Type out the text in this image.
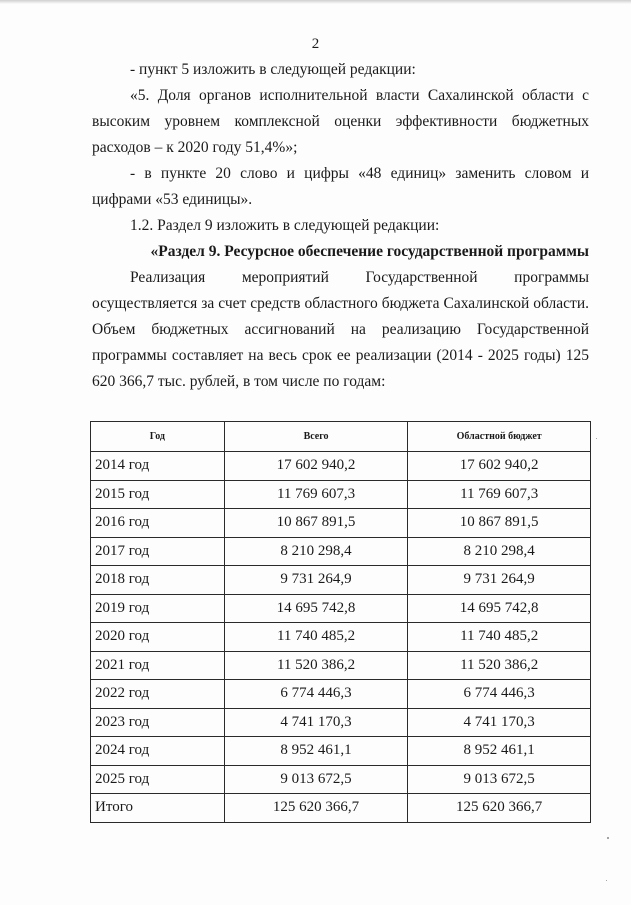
2

- пункт 5 изложить в следующей редакции:

«5. Доля органов исполнительной власти Сахалинской области с высоким уровнем комплексной оценки эффективности бюджетных расходов – к 2020 году 51,4%»;

- в пункте 20 слово и цифры «48 единиц» заменить словом и цифрами «53 единицы».

1.2. Раздел 9 изложить в следующей редакции:

«Раздел 9. Ресурсное обеспечение государственной программы

Реализация мероприятий Государственной программы осуществляется за счет средств областного бюджета Сахалинской области. Объем бюджетных ассигнований на реализацию Государственной программы составляет на весь срок ее реализации (2014 - 2025 годы) 125 620 366,7 тыс. рублей, в том числе по годам:

Год	Всего	Областной бюджет
2014 год	17 602 940,2	17 602 940,2
2015 год	11 769 607,3	11 769 607,3
2016 год	10 867 891,5	10 867 891,5
2017 год	8 210 298,4	8 210 298,4
2018 год	9 731 264,9	9 731 264,9
2019 год	14 695 742,8	14 695 742,8
2020 год	11 740 485,2	11 740 485,2
2021 год	11 520 386,2	11 520 386,2
2022 год	6 774 446,3	6 774 446,3
2023 год	4 741 170,3	4 741 170,3
2024 год	8 952 461,1	8 952 461,1
2025 год	9 013 672,5	9 013 672,5
Итого	125 620 366,7	125 620 366,7
